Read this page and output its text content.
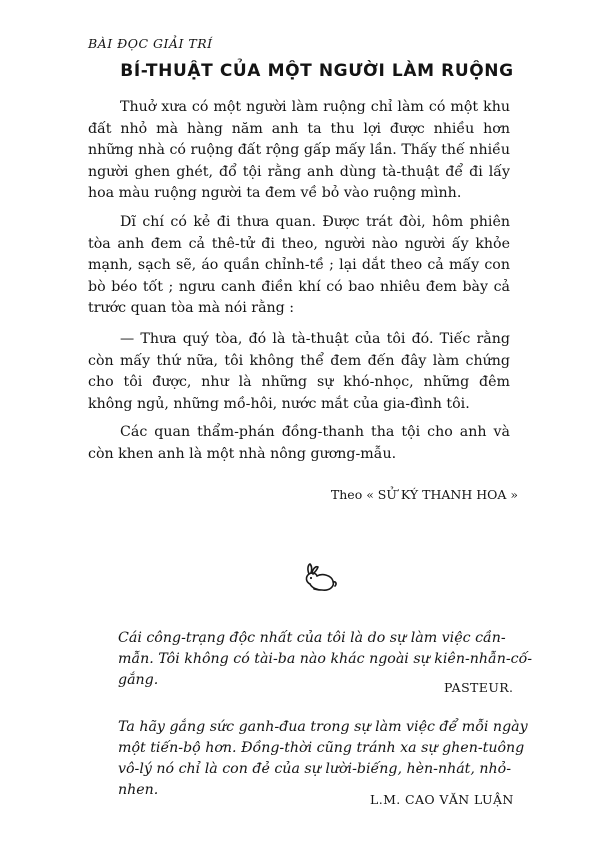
BÀI ĐỌC GIẢI TRÍ
BÍ-THUẬT CỦA MỘT NGƯỜI LÀM RUỘNG

Thuở xưa có một người làm ruộng chỉ làm có một khu đất nhỏ mà hàng năm anh ta thu lợi được nhiều hơn những nhà có ruộng đất rộng gấp mấy lần. Thấy thế nhiều người ghen ghét, đổ tội rằng anh dùng tà-thuật để đi lấy hoa màu ruộng người ta đem về bỏ vào ruộng mình.

Dĩ chí có kẻ đi thưa quan. Được trát đòi, hôm phiên tòa anh đem cả thê-tử đi theo, người nào người ấy khỏe mạnh, sạch sẽ, áo quần chỉnh-tề ; lại dắt theo cả mấy con bò béo tốt ; ngưu canh điền khí có bao nhiêu đem bày cả trước quan tòa mà nói rằng :

— Thưa quý tòa, đó là tà-thuật của tôi đó. Tiếc rằng còn mấy thứ nữa, tôi không thể đem đến đây làm chứng cho tôi được, như là những sự khó-nhọc, những đêm không ngủ, những mồ-hôi, nước mắt của gia-đình tôi.

Các quan thẩm-phán đồng-thanh tha tội cho anh và còn khen anh là một nhà nông gương-mẫu.

Theo « SỬ KÝ THANH HOA »

Cái công-trạng độc nhất của tôi là do sự làm việc cần-mẫn. Tôi không có tài-ba nào khác ngoài sự kiên-nhẫn-cố-gắng.	PASTEUR.

Ta hãy gắng sức ganh-đua trong sự làm việc để mỗi ngày một tiến-bộ hơn. Đồng-thời cũng tránh xa sự ghen-tuông vô-lý nó chỉ là con đẻ của sự lười-biếng, hèn-nhát, nhỏ-nhen.

L.M. CAO VĂN LUẬN
